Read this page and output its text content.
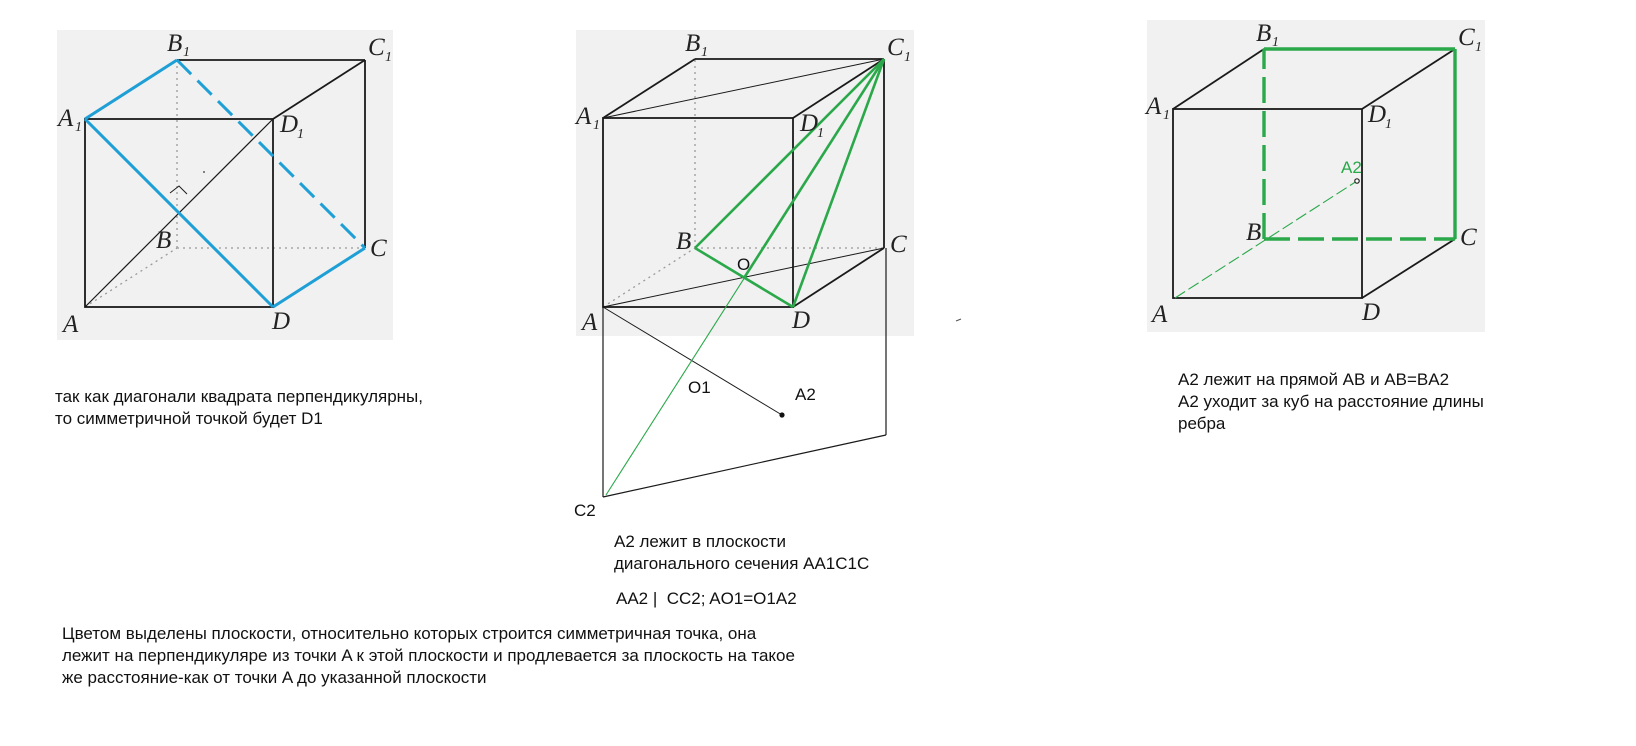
A
B	C
D
A 1
B 1	C 1
D
1
A
B	C
D
A 1
B 1	C 1
D
1
O
O1	A2
C2
A
B	C
D
A 1
B 1	C 1
D
1
A2
так как диагонали квадрата перпендикулярны,
то симметричной точкой будет D1
A2 лежит в плоскости
диагонального сечения AA1C1C
AA2 |  CC2; AO1=O1A2
A2 лежит на прямой AB и AB=BA2
A2 уходит за куб на расстояние длины
ребра
Цветом выделены плоскости, относительно которых строится симметричная точка, она
лежит на перпендикуляре из точки A к этой плоскости и продлевается за плоскость на такое
же расстояние-как от точки A до указанной плоскости
